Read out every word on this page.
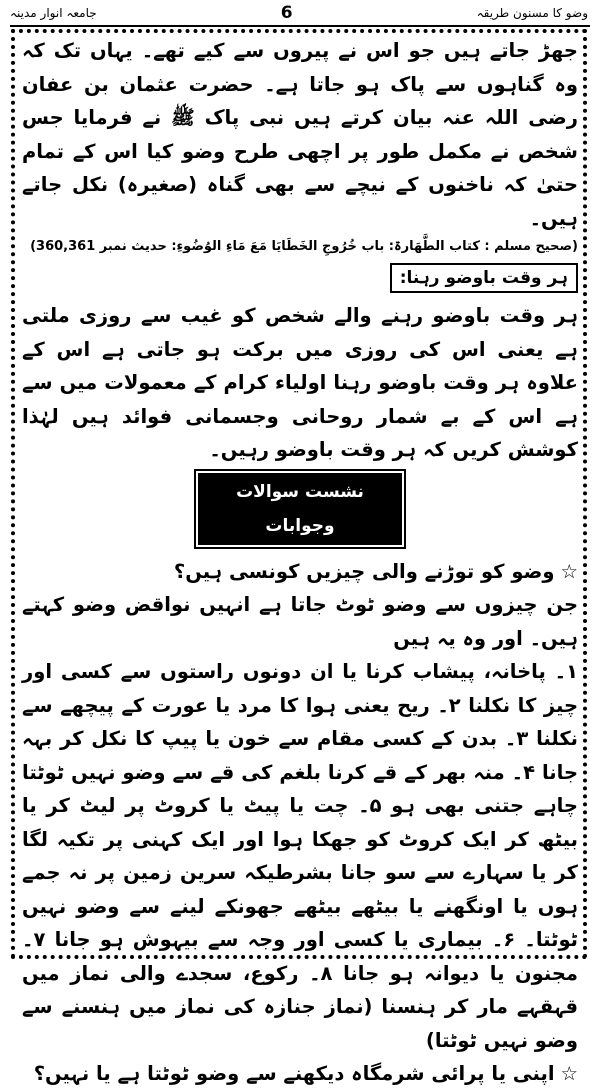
جامعہ انوار مدینہ	6	وضو کا مسنون طریقہ

جھڑ جاتے ہیں جو اس نے پیروں سے کیے تھے۔ یہاں تک کہ وہ گناہوں سے پاک ہو جاتا ہے۔ حضرت عثمان بن عفان رضی اللہ عنہ بیان کرتے ہیں نبی پاک ﷺ نے فرمایا جس شخص نے مکمل طور پر اچھی طرح وضو کیا اس کے تمام حتیٰ کہ ناخنوں کے نیچے سے بھی گناہ (صغیرہ) نکل جاتے ہیں۔

(صحیح مسلم : کتاب الطَّھَارۃ: باب خُرُوجِ الخَطَایَا مَعَ مَاءِ الوُضُوءِ: حدیث نمبر 360,361)
ہر وقت باوضو رہنا:

ہر وقت باوضو رہنے والے شخص کو غیب سے روزی ملتی ہے یعنی اس کی روزی میں برکت ہو جاتی ہے اس کے علاوہ ہر وقت باوضو رہنا اولیاء کرام کے معمولات میں سے ہے اس کے بے شمار روحانی وجسمانی فوائد ہیں لہٰذا کوشش کریں کہ ہر وقت باوضو رہیں۔

نشست سوالات وجوابات

☆وضو کو توڑنے والی چیزیں کونسی ہیں؟

جن چیزوں سے وضو ٹوٹ جاتا ہے انہیں نواقض وضو کہتے ہیں۔ اور وہ یہ ہیں

۱۔ پاخانہ، پیشاب کرنا یا ان دونوں راستوں سے کسی اور چیز کا نکلنا ۲۔ ریح یعنی ہوا کا مرد یا عورت کے پیچھے سے نکلنا ۳۔ بدن کے کسی مقام سے خون یا پیپ کا نکل کر بہہ جانا ۴۔ منہ بھر کے قے کرنا بلغم کی قے سے وضو نہیں ٹوٹتا چاہے جتنی بھی ہو ۵۔ چت یا پیٹ یا کروٹ پر لیٹ کر یا بیٹھ کر ایک کروٹ کو جھکا ہوا اور ایک کہنی پر تکیہ لگا کر یا سہارے سے سو جانا بشرطیکہ سرین زمین پر نہ جمے ہوں یا اونگھنے یا بیٹھے بیٹھے جھونکے لینے سے وضو نہیں ٹوٹتا۔ ۶۔ بیماری یا کسی اور وجہ سے بیہوش ہو جانا ۷۔ مجنون یا دیوانہ ہو جانا ۸۔ رکوع، سجدے والی نماز میں قہقہے مار کر ہنسنا (نماز جنازہ کی نماز میں ہنسنے سے وضو نہیں ٹوٹتا)

☆اپنی یا پرائی شرمگاہ دیکھنے سے وضو ٹوٹتا ہے یا نہیں؟
